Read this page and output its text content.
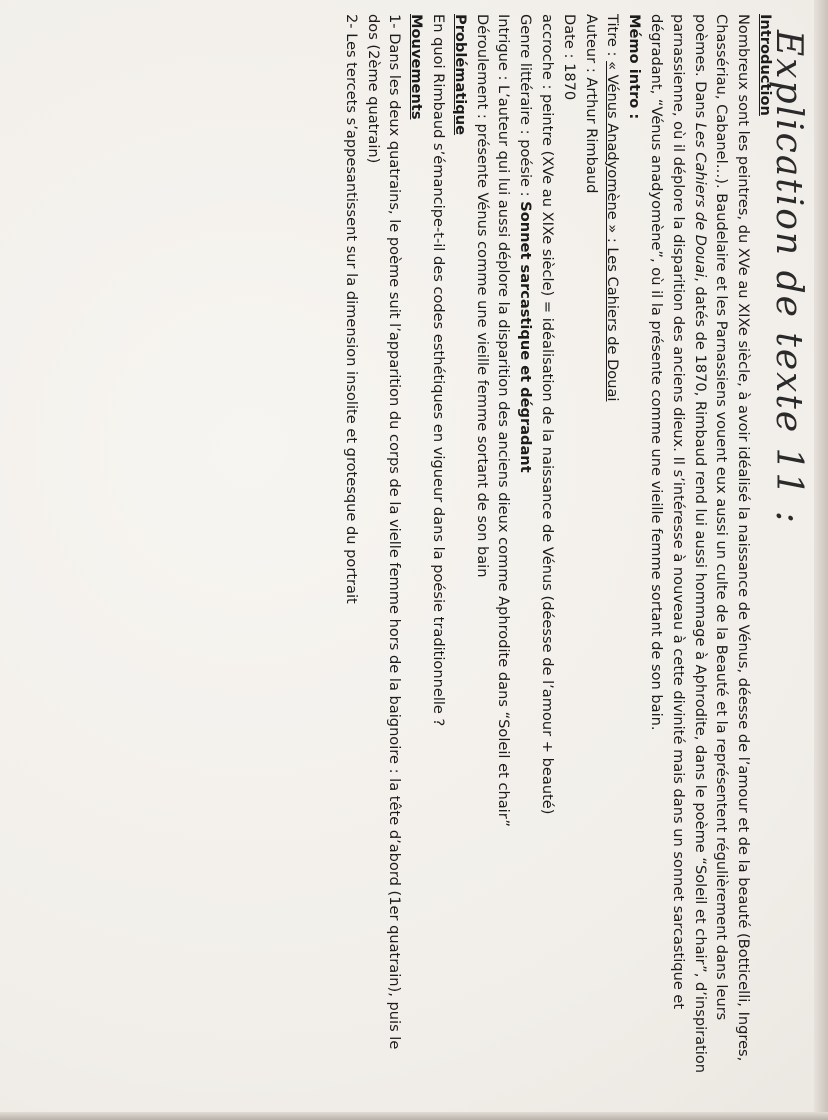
Explication de texte 11 :

Introduction

Nombreux sont les peintres, du XVe au XIXe siècle, à avoir idéalisé la naissance de Vénus, déesse de l’amour et de la beauté (Botticelli, Ingres, Chassériau, Cabanel…). Baudelaire et les Parnassiens vouent eux aussi un culte de la Beauté et la représentent régulièrement dans leurs poèmes. Dans Les Cahiers de Douai, datés de 1870, Rimbaud rend lui aussi hommage à Aphrodite, dans le poème “Soleil et chair”, d’inspiration parnassienne, où il déplore la disparition des anciens dieux. Il s’intéresse à nouveau à cette divinité mais dans un sonnet sarcastique et dégradant, “Vénus anadyomène”, où il la présente comme une vieille femme sortant de son bain.

Mémo intro :

Titre : « Vénus Anadyomène » : Les Cahiers de Douai

Auteur : Arthur Rimbaud

Date : 1870

accroche : peintre (XVe au XIXe siècle) = idéalisation de la naissance de Vénus (déesse de l’amour + beauté)

Genre littéraire : poésie : Sonnet sarcastique et dégradant

Intrigue : L’auteur qui lui aussi déplore la disparition des anciens dieux comme Aphrodite dans “Soleil et chair”

Déroulement : présente Vénus comme une vieille femme sortant de son bain

Problématique

En quoi Rimbaud s’émancipe-t-il des codes esthétiques en vigueur dans la poésie traditionnelle ?

Mouvements

1- Dans les deux quatrains, le poème suit l’apparition du corps de la vielle femme hors de la baignoire : la tête d’abord (1er quatrain), puis le dos (2ème quatrain)

2- Les tercets s’appesantissent sur la dimension insolite et grotesque du portrait
